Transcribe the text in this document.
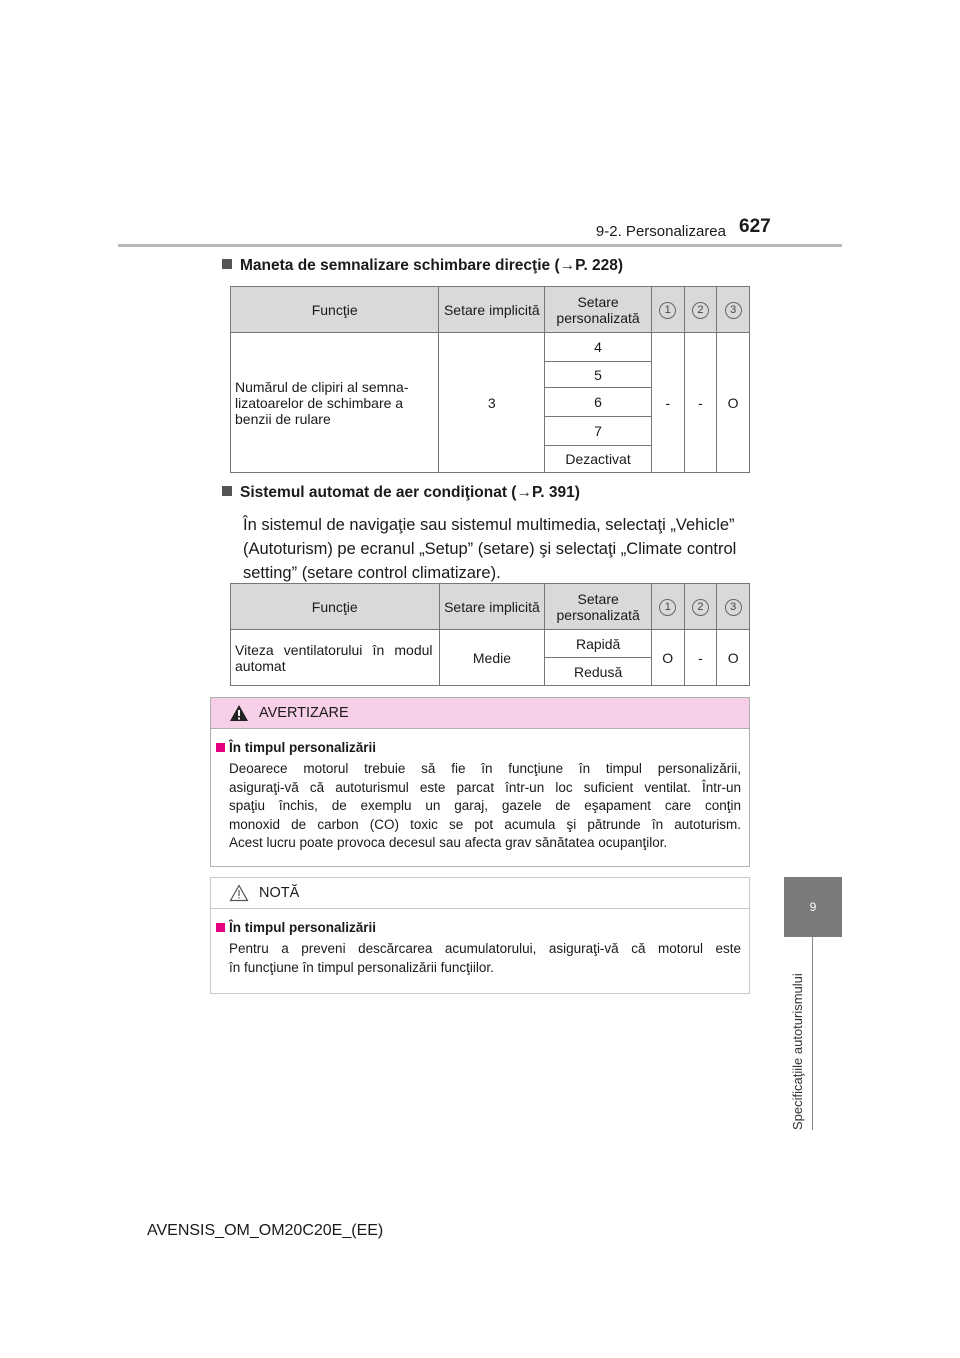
9-2. Personalizarea 627
9
Specificaţiile autoturismului
Maneta de semnalizare schimbare direcţie (→P. 228)
Funcţie	Setare implicită	Setare personalizată	1	2	3

Numărul de clipiri al semna-
lizatoarelor de schimbare a
benzii de rulare	3	4	-	-	O
		5			
		6			
		7			
		Dezactivat			
Sistemul automat de aer condiţionat (→P. 391)
În sistemul de navigaţie sau sistemul multimedia, selectaţi „Vehicle”
(Autoturism) pe ecranul „Setup” (setare) şi selectaţi „Climate control
setting” (setare control climatizare).
Funcţie	Setare implicită	Setare personalizată	1	2	3

Viteza ventilatorului în modul
automat	Medie	Rapidă	O	-	O
		Redusă			
AVERTIZARE
În timpul personalizării
Deoarece motorul trebuie să fie în funcţiune în timpul personalizării,
asiguraţi-vă că autoturismul este parcat într-un loc suficient ventilat. Într-un
spaţiu închis, de exemplu un garaj, gazele de eşapament care conţin
monoxid de carbon (CO) toxic se pot acumula şi pătrunde în autoturism.
Acest lucru poate provoca decesul sau afecta grav sănătatea ocupanţilor.
NOTĂ
În timpul personalizării
Pentru a preveni descărcarea acumulatorului, asiguraţi-vă că motorul este
în funcţiune în timpul personalizării funcţiilor.
AVENSIS_OM_OM20C20E_(EE)
